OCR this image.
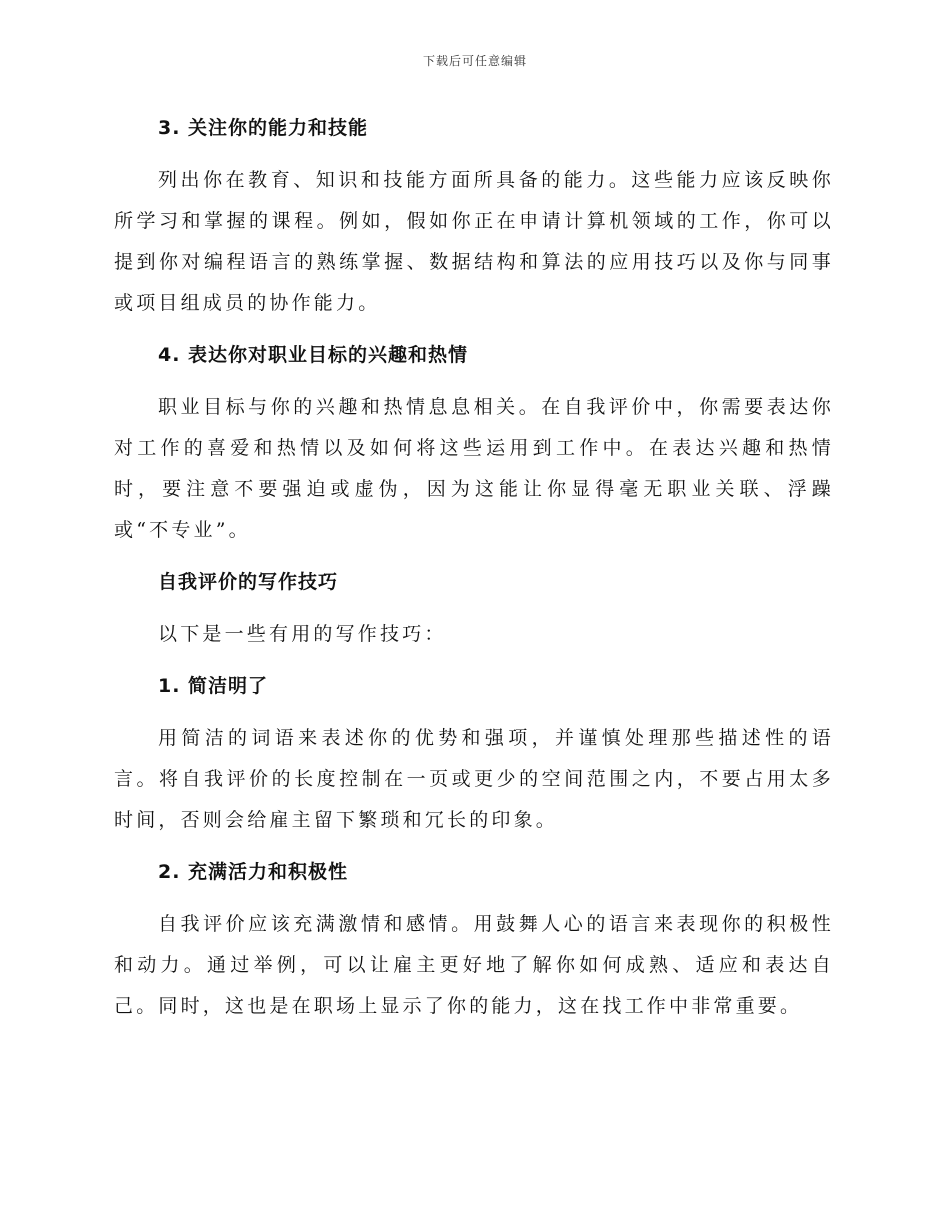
下载后可任意编辑
3. 关注你的能力和技能
列出你在教育、知识和技能方面所具备的能力。这些能力应该反映你所学习和掌握的课程。例如，假如你正在申请计算机领域的工作，你可以提到你对编程语言的熟练掌握、数据结构和算法的应用技巧以及你与同事或项目组成员的协作能力。
4. 表达你对职业目标的兴趣和热情
职业目标与你的兴趣和热情息息相关。在自我评价中，你需要表达你对工作的喜爱和热情以及如何将这些运用到工作中。在表达兴趣和热情时，要注意不要强迫或虚伪，因为这能让你显得毫无职业关联、浮躁或“不专业”。
自我评价的写作技巧
以下是一些有用的写作技巧：
1. 简洁明了
用简洁的词语来表述你的优势和强项，并谨慎处理那些描述性的语言。将自我评价的长度控制在一页或更少的空间范围之内，不要占用太多时间，否则会给雇主留下繁琐和冗长的印象。
2. 充满活力和积极性
自我评价应该充满激情和感情。用鼓舞人心的语言来表现你的积极性和动力。通过举例，可以让雇主更好地了解你如何成熟、适应和表达自己。同时，这也是在职场上显示了你的能力，这在找工作中非常重要。
